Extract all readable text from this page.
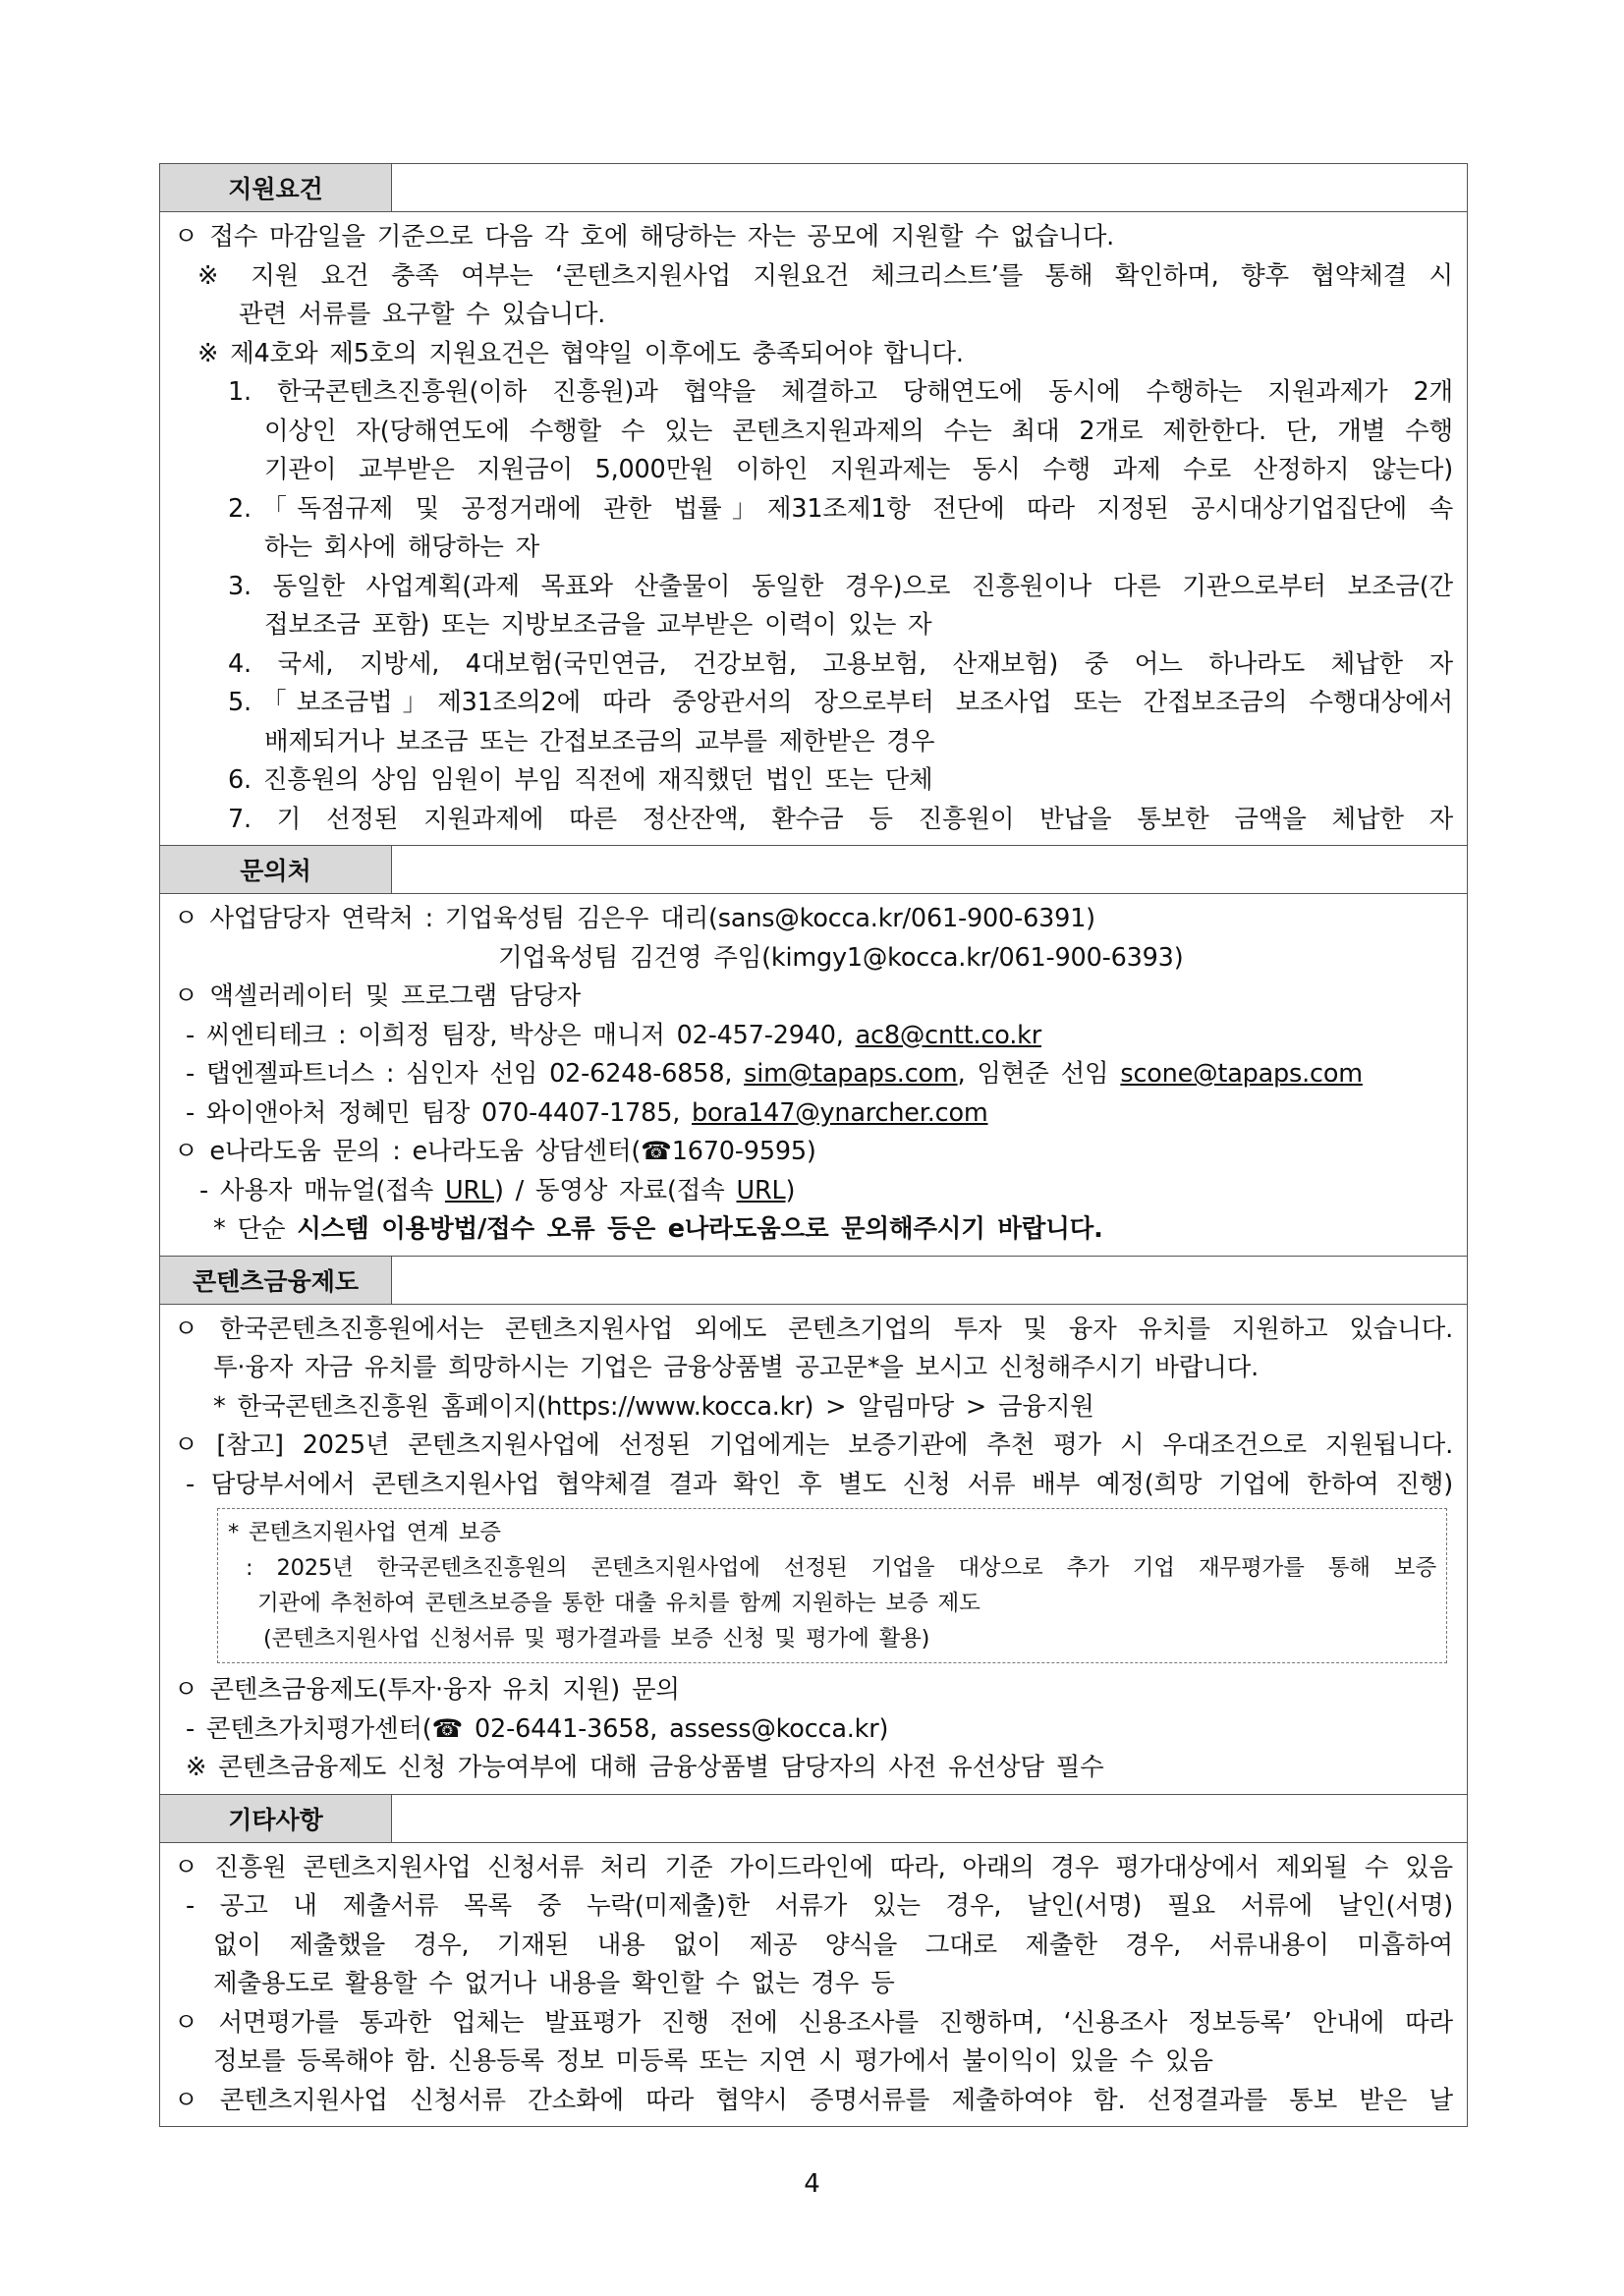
지원요건
ㅇ 접수 마감일을 기준으로 다음 각 호에 해당하는 자는 공모에 지원할 수 없습니다.
※ 지원 요건 충족 여부는 ‘콘텐츠지원사업 지원요건 체크리스트’를 통해 확인하며, 향후 협약체결 시
관련 서류를 요구할 수 있습니다.
※ 제4호와 제5호의 지원요건은 협약일 이후에도 충족되어야 합니다.
1. 한국콘텐츠진흥원(이하 진흥원)과 협약을 체결하고 당해연도에 동시에 수행하는 지원과제가 2개
이상인 자(당해연도에 수행할 수 있는 콘텐츠지원과제의 수는 최대 2개로 제한한다. 단, 개별 수행
기관이 교부받은 지원금이 5,000만원 이하인 지원과제는 동시 수행 과제 수로 산정하지 않는다)
2.「독점규제 및 공정거래에 관한 법률」제31조제1항 전단에 따라 지정된 공시대상기업집단에 속
하는 회사에 해당하는 자
3. 동일한 사업계획(과제 목표와 산출물이 동일한 경우)으로 진흥원이나 다른 기관으로부터 보조금(간
접보조금 포함) 또는 지방보조금을 교부받은 이력이 있는 자
4. 국세, 지방세, 4대보험(국민연금, 건강보험, 고용보험, 산재보험) 중 어느 하나라도 체납한 자
5.「보조금법」제31조의2에 따라 중앙관서의 장으로부터 보조사업 또는 간접보조금의 수행대상에서
배제되거나 보조금 또는 간접보조금의 교부를 제한받은 경우
6. 진흥원의 상임 임원이 부임 직전에 재직했던 법인 또는 단체
7. 기 선정된 지원과제에 따른 정산잔액, 환수금 등 진흥원이 반납을 통보한 금액을 체납한 자
문의처
ㅇ 사업담당자 연락처 : 기업육성팀 김은우 대리(sans@kocca.kr/061-900-6391)
기업육성팀 김건영 주임(kimgy1@kocca.kr/061-900-6393)
ㅇ 액셀러레이터 및 프로그램 담당자
- 씨엔티테크 : 이희정 팀장, 박상은 매니저 02-457-2940, ac8@cntt.co.kr
- 탭엔젤파트너스 : 심인자 선임 02-6248-6858, sim@tapaps.com, 임현준 선임 scone@tapaps.com
- 와이앤아처 정혜민 팀장 070-4407-1785, bora147@ynarcher.com
ㅇ e나라도움 문의 : e나라도움 상담센터(☎1670-9595)
- 사용자 매뉴얼(접속 URL) / 동영상 자료(접속 URL)
* 단순 시스템 이용방법/접수 오류 등은 e나라도움으로 문의해주시기 바랍니다.
콘텐츠금융제도
ㅇ 한국콘텐츠진흥원에서는 콘텐츠지원사업 외에도 콘텐츠기업의 투자 및 융자 유치를 지원하고 있습니다.
투·융자 자금 유치를 희망하시는 기업은 금융상품별 공고문*을 보시고 신청해주시기 바랍니다.
* 한국콘텐츠진흥원 홈페이지(https://www.kocca.kr) > 알림마당 > 금융지원
ㅇ [참고] 2025년 콘텐츠지원사업에 선정된 기업에게는 보증기관에 추천 평가 시 우대조건으로 지원됩니다.
- 담당부서에서 콘텐츠지원사업 협약체결 결과 확인 후 별도 신청 서류 배부 예정(희망 기업에 한하여 진행)
* 콘텐츠지원사업 연계 보증
: 2025년 한국콘텐츠진흥원의 콘텐츠지원사업에 선정된 기업을 대상으로 추가 기업 재무평가를 통해 보증
기관에 추천하여 콘텐츠보증을 통한 대출 유치를 함께 지원하는 보증 제도
(콘텐츠지원사업 신청서류 및 평가결과를 보증 신청 및 평가에 활용)
ㅇ 콘텐츠금융제도(투자·융자 유치 지원) 문의
- 콘텐츠가치평가센터(☎ 02-6441-3658, assess@kocca.kr)
※ 콘텐츠금융제도 신청 가능여부에 대해 금융상품별 담당자의 사전 유선상담 필수
기타사항
ㅇ 진흥원 콘텐츠지원사업 신청서류 처리 기준 가이드라인에 따라, 아래의 경우 평가대상에서 제외될 수 있음
- 공고 내 제출서류 목록 중 누락(미제출)한 서류가 있는 경우, 날인(서명) 필요 서류에 날인(서명)
없이 제출했을 경우, 기재된 내용 없이 제공 양식을 그대로 제출한 경우, 서류내용이 미흡하여
제출용도로 활용할 수 없거나 내용을 확인할 수 없는 경우 등
ㅇ 서면평가를 통과한 업체는 발표평가 진행 전에 신용조사를 진행하며, ‘신용조사 정보등록’ 안내에 따라
정보를 등록해야 함. 신용등록 정보 미등록 또는 지연 시 평가에서 불이익이 있을 수 있음
ㅇ 콘텐츠지원사업 신청서류 간소화에 따라 협약시 증명서류를 제출하여야 함. 선정결과를 통보 받은 날
4
